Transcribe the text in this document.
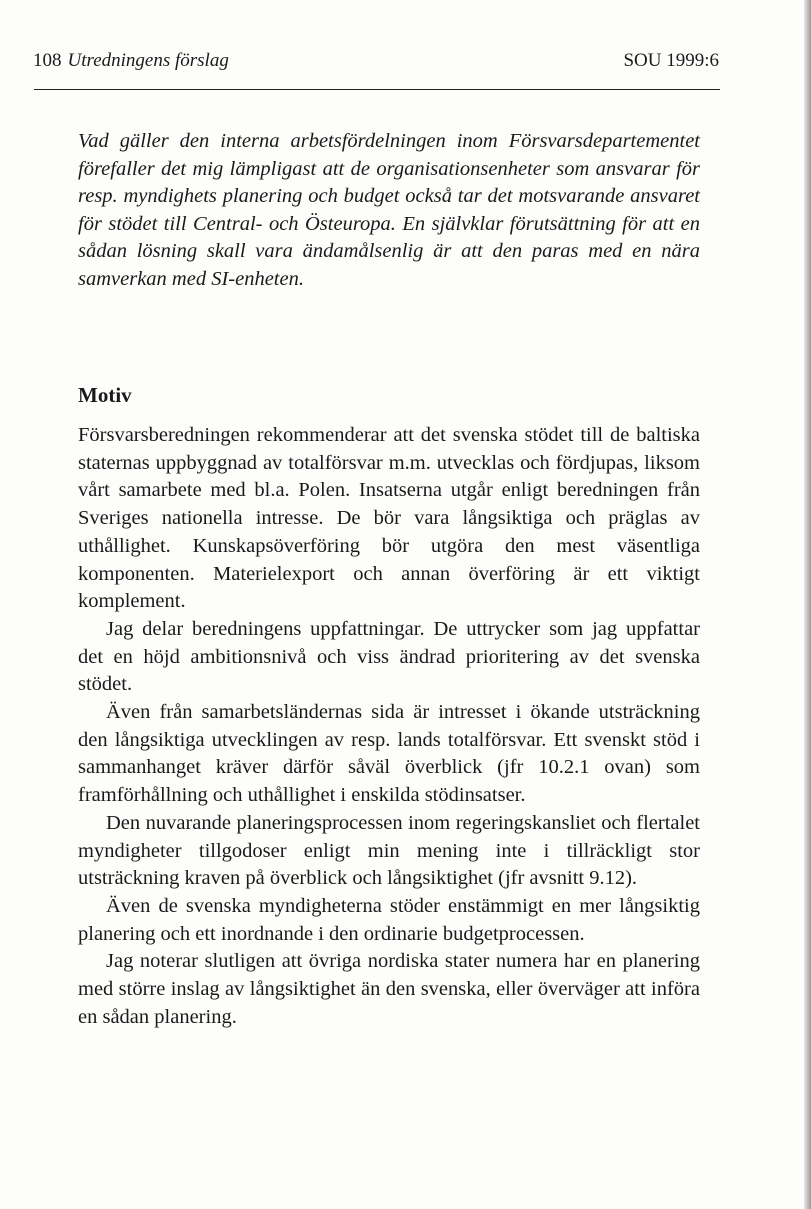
108 Utredningens förslag	SOU 1999:6
Vad gäller den interna arbetsfördelningen inom Försvarsdepartementet förefaller det mig lämpligast att de organisationsenheter som ansvarar för resp. myndighets planering och budget också tar det motsvarande ansvaret för stödet till Central- och Östeuropa. En självklar förutsättning för att en sådan lösning skall vara ändamålsenlig är att den paras med en nära samverkan med SI-enheten.
Motiv

Försvarsberedningen rekommenderar att det svenska stödet till de baltiska staternas uppbyggnad av totalförsvar m.m. utvecklas och fördjupas, liksom vårt samarbete med bl.a. Polen. Insatserna utgår enligt beredningen från Sveriges nationella intresse. De bör vara långsiktiga och präglas av uthållighet. Kunskapsöverföring bör utgöra den mest väsentliga komponenten. Materielexport och annan överföring är ett viktigt komplement.

Jag delar beredningens uppfattningar. De uttrycker som jag uppfattar det en höjd ambitionsnivå och viss ändrad prioritering av det svenska stödet.

Även från samarbetsländernas sida är intresset i ökande utsträckning den långsiktiga utvecklingen av resp. lands totalförsvar. Ett svenskt stöd i sammanhanget kräver därför såväl överblick (jfr 10.2.1 ovan) som framförhållning och uthållighet i enskilda stödinsatser.

Den nuvarande planeringsprocessen inom regeringskansliet och flertalet myndigheter tillgodoser enligt min mening inte i tillräckligt stor utsträckning kraven på överblick och långsiktighet (jfr avsnitt 9.12).

Även de svenska myndigheterna stöder enstämmigt en mer långsiktig planering och ett inordnande i den ordinarie budgetprocessen.

Jag noterar slutligen att övriga nordiska stater numera har en planering med större inslag av långsiktighet än den svenska, eller överväger att införa en sådan planering.
